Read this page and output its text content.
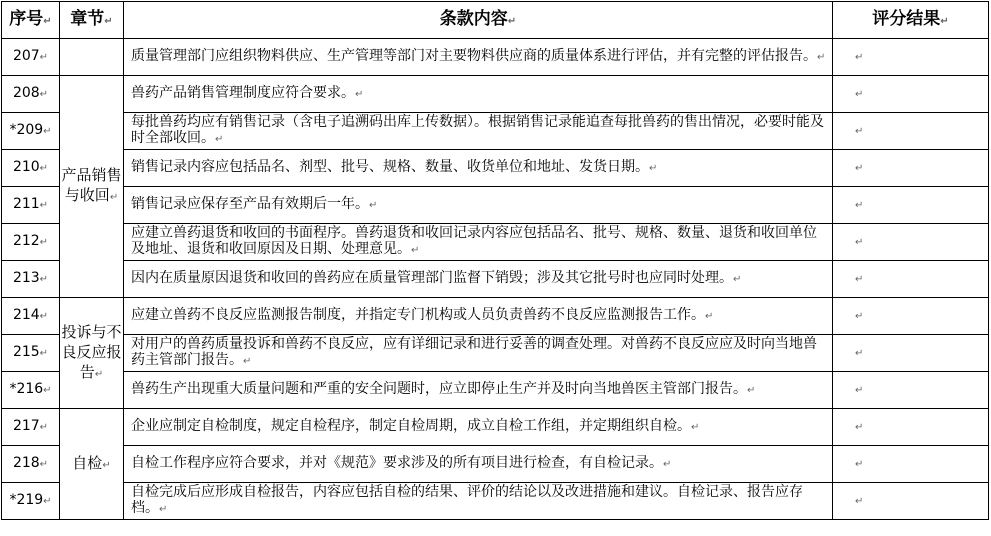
序号↵	章节↵	条款内容↵	评分结果↵
207↵		质量管理部门应组织物料供应、生产管理等部门对主要物料供应商的质量体系进行评估，并有完整的评估报告。↵	↵
208↵	产品销售与收回↵	兽药产品销售管理制度应符合要求。↵	↵
*209↵		每批兽药均应有销售记录（含电子追溯码出库上传数据）。根据销售记录能追查每批兽药的售出情况，必要时能及时全部收回。↵	↵
210↵		销售记录内容应包括品名、剂型、批号、规格、数量、收货单位和地址、发货日期。↵	↵
211↵		销售记录应保存至产品有效期后一年。↵	↵
212↵		应建立兽药退货和收回的书面程序。兽药退货和收回记录内容应包括品名、批号、规格、数量、退货和收回单位及地址、退货和收回原因及日期、处理意见。↵	↵
213↵		因内在质量原因退货和收回的兽药应在质量管理部门监督下销毁；涉及其它批号时也应同时处理。↵	↵
214↵	投诉与不良反应报告↵	应建立兽药不良反应监测报告制度，并指定专门机构或人员负责兽药不良反应监测报告工作。↵	↵
215↵		对用户的兽药质量投诉和兽药不良反应，应有详细记录和进行妥善的调查处理。对兽药不良反应应及时向当地兽药主管部门报告。↵	↵
*216↵		兽药生产出现重大质量问题和严重的安全问题时，应立即停止生产并及时向当地兽医主管部门报告。↵	↵
217↵	自检↵	企业应制定自检制度，规定自检程序，制定自检周期，成立自检工作组，并定期组织自检。↵	↵
218↵		自检工作程序应符合要求，并对《规范》要求涉及的所有项目进行检查，有自检记录。↵	↵
*219↵		自检完成后应形成自检报告，内容应包括自检的结果、评价的结论以及改进措施和建议。自检记录、报告应存档。↵	↵
